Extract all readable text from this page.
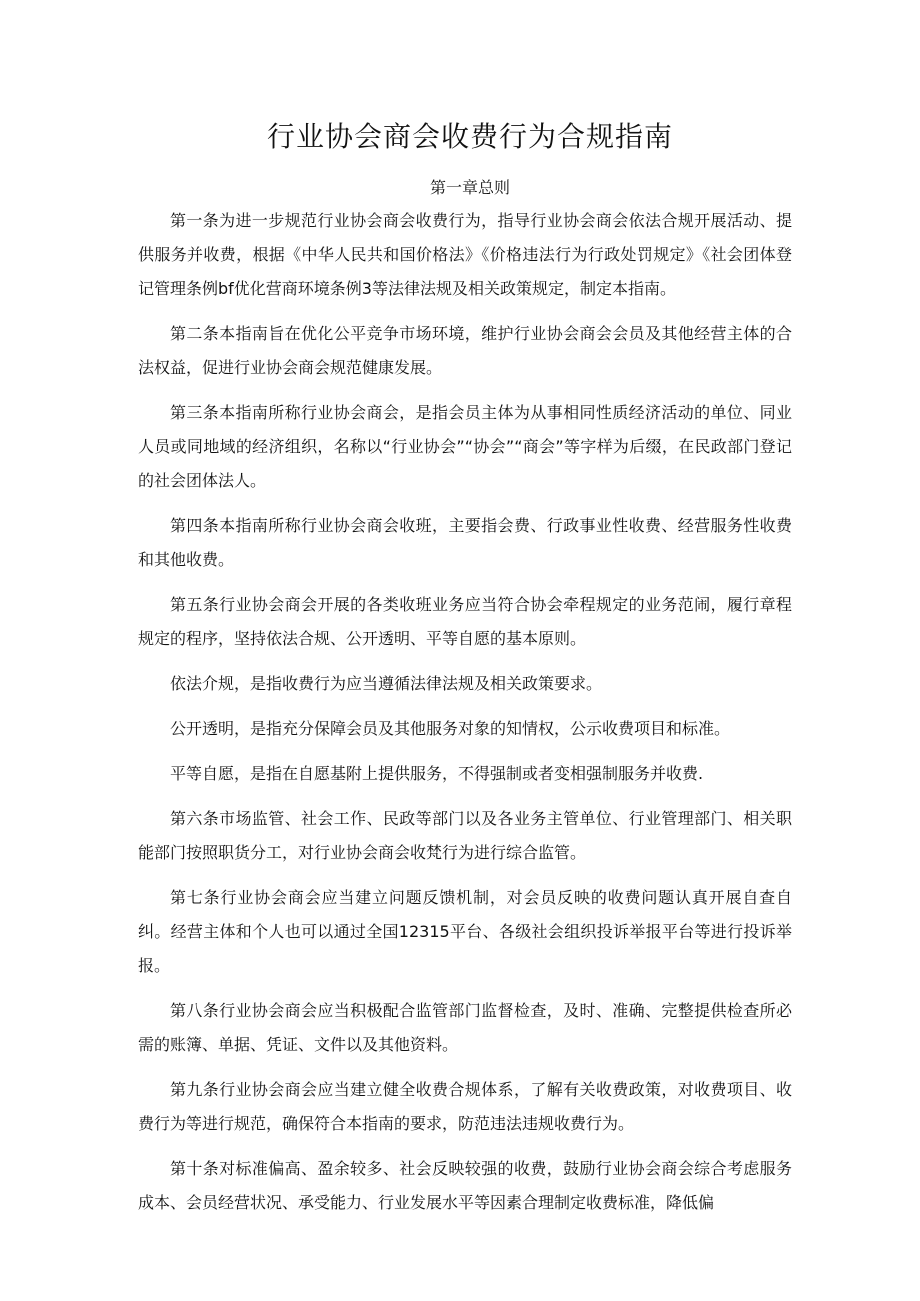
行业协会商会收费行为合规指南
第一章总则

第一条为进一步规范行业协会商会收费行为，指导行业协会商会依法合规开展活动、提供服务并收费，根据《中华人民共和国价格法》《价格违法行为行政处罚规定》《社会团体登记管理条例bf优化营商环境条例3等法律法规及相关政策规定，制定本指南。

第二条本指南旨在优化公平竞争市场环境，维护行业协会商会会员及其他经营主体的合法权益，促进行业协会商会规范健康发展。

第三条本指南所称行业协会商会，是指会员主体为从事相同性质经济活动的单位、同业人员或同地域的经济组织，名称以“行业协会”“协会”“商会”等字样为后缀，在民政部门登记的社会团体法人。

第四条本指南所称行业协会商会收班，主要指会费、行政事业性收费、经营服务性收费和其他收费。

第五条行业协会商会开展的各类收班业务应当符合协会牵程规定的业务范闹，履行章程规定的程序，坚持依法合规、公开透明、平等自愿的基本原则。

依法介规，是指收费行为应当遵循法律法规及相关政策要求。

公开透明，是指充分保障会员及其他服务对象的知情权，公示收费项目和标准。

平等自愿，是指在自愿基附上提供服务，不得强制或者变相强制服务并收费.

第六条市场监管、社会工作、民政等部门以及各业务主管单位、行业管理部门、相关职能部门按照职货分工，对行业协会商会收梵行为进行综合监管。

第七条行业协会商会应当建立问题反馈机制，对会员反映的收费问题认真开展自查自纠。经营主体和个人也可以通过全国12315平台、各级社会组织投诉举报平台等进行投诉举报。

第八条行业协会商会应当积极配合监管部门监督检查，及时、准确、完整提供检查所必需的账簿、单据、凭证、文件以及其他资料。

第九条行业协会商会应当建立健全收费合规体系，了解有关收费政策，对收费项目、收费行为等进行规范，确保符合本指南的要求，防范违法违规收费行为。

第十条对标准偏高、盈余较多、社会反映较强的收费，鼓励行业协会商会综合考虑服务成本、会员经营状况、承受能力、行业发展水平等因素合理制定收费标准，降低偏
